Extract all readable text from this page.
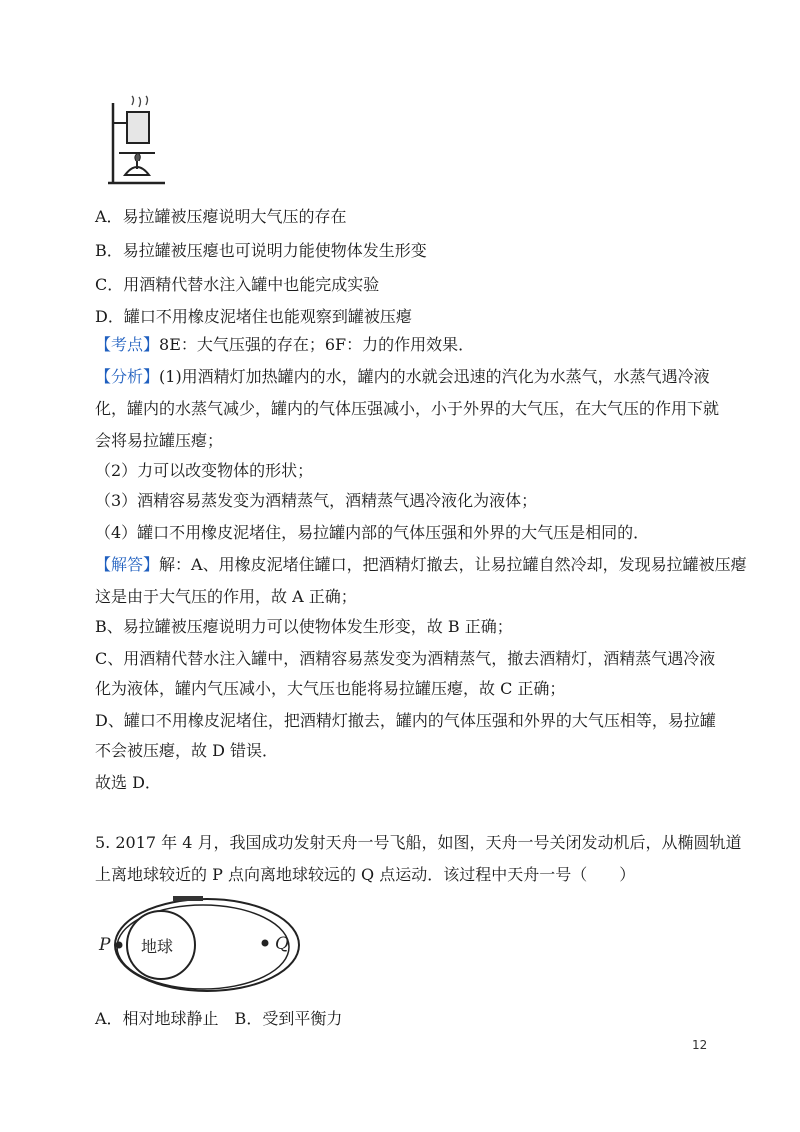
A．易拉罐被压瘪说明大气压的存在
B．易拉罐被压瘪也可说明力能使物体发生形变
C．用酒精代替水注入罐中也能完成实验
D．罐口不用橡皮泥堵住也能观察到罐被压瘪
【考点】8E：大气压强的存在；6F：力的作用效果．
【分析】(1)用酒精灯加热罐内的水，罐内的水就会迅速的汽化为水蒸气，水蒸气遇冷液
化，罐内的水蒸气减少，罐内的气体压强减小，小于外界的大气压，在大气压的作用下就
会将易拉罐压瘪；
（2）力可以改变物体的形状；
（3）酒精容易蒸发变为酒精蒸气，酒精蒸气遇冷液化为液体；
（4）罐口不用橡皮泥堵住，易拉罐内部的气体压强和外界的大气压是相同的．
【解答】解：A、用橡皮泥堵住罐口，把酒精灯撤去，让易拉罐自然冷却，发现易拉罐被压瘪
这是由于大气压的作用，故 A 正确；
B、易拉罐被压瘪说明力可以使物体发生形变，故 B 正确；
C、用酒精代替水注入罐中，酒精容易蒸发变为酒精蒸气，撤去酒精灯，酒精蒸气遇冷液
化为液体，罐内气压减小，大气压也能将易拉罐压瘪，故 C 正确；
D、罐口不用橡皮泥堵住，把酒精灯撤去，罐内的气体压强和外界的大气压相等，易拉罐
不会被压瘪，故 D 错误．
故选 D．
5. 2017 年 4 月，我国成功发射天舟一号飞船，如图，天舟一号关闭发动机后，从椭圆轨道
上离地球较近的 P 点向离地球较远的 Q 点运动．该过程中天舟一号（　　）
地球
P	Q
A．相对地球静止　B．受到平衡力
12
